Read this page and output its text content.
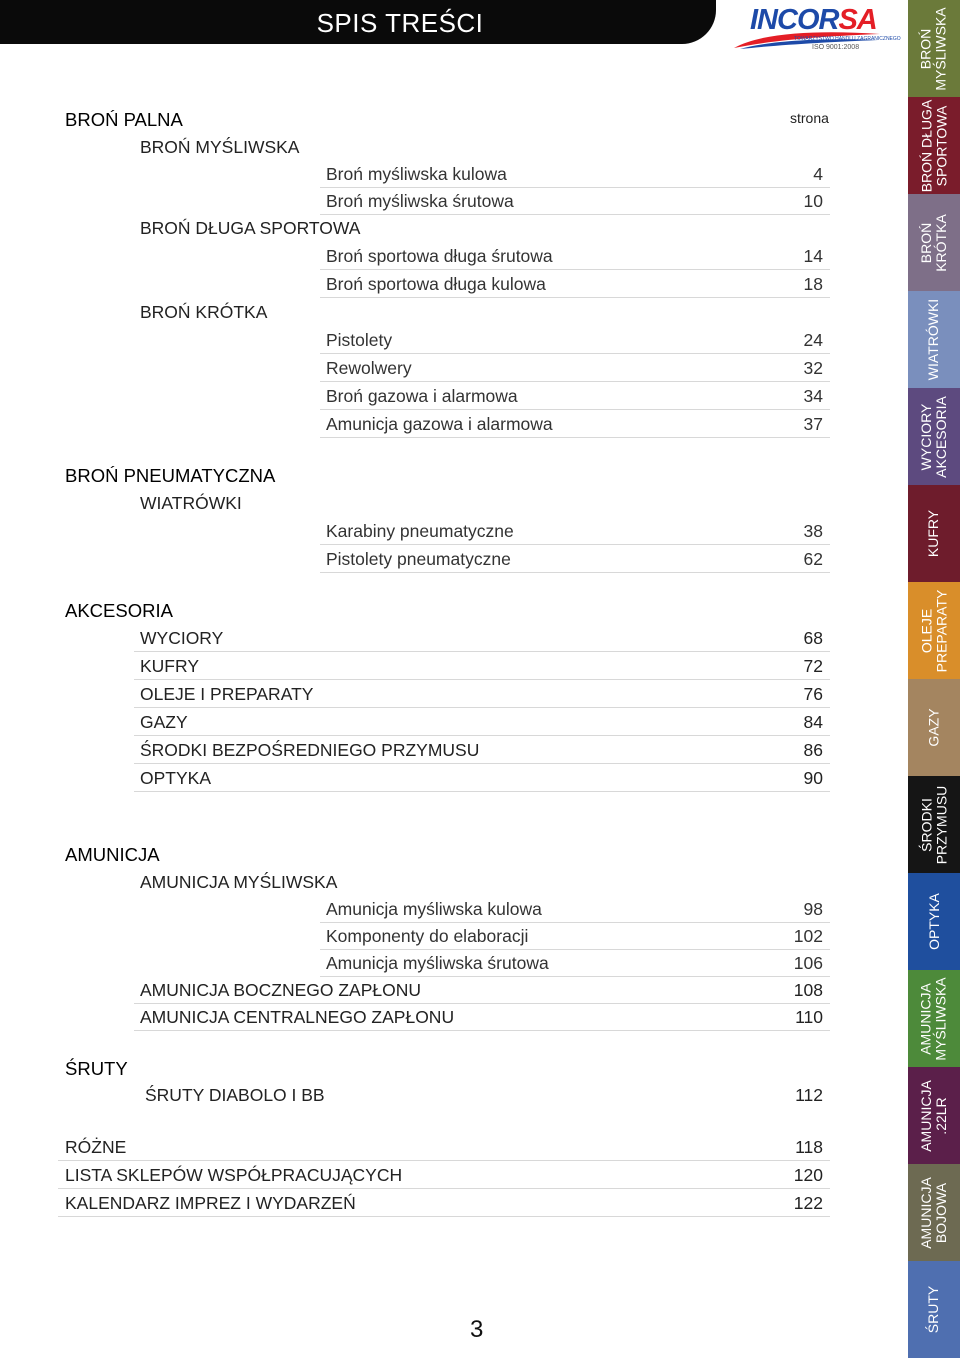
SPIS TREŚCI	INCORSA
TOWARZYSTWO HANDLU ZAGRANICZNEGO
ISO 9001:2008
strona
BROŃ PALNA
BROŃ PNEUMATYCZNA
AKCESORIA
AMUNICJA
ŚRUTY
BROŃ MYŚLIWSKA
Broń myśliwska kulowa	4
Broń myśliwska śrutowa	10
BROŃ DŁUGA SPORTOWA
Broń sportowa długa śrutowa	14
Broń sportowa długa kulowa	18
BROŃ KRÓTKA
Pistolety	24
Rewolwery	32
Broń gazowa i alarmowa	34
Amunicja gazowa i alarmowa	37
WIATRÓWKI
Karabiny pneumatyczne	38
Pistolety pneumatyczne	62
WYCIORY	68
KUFRY	72
OLEJE I PREPARATY	76
GAZY	84
ŚRODKI BEZPOŚREDNIEGO PRZYMUSU	86
OPTYKA	90
AMUNICJA MYŚLIWSKA
Amunicja myśliwska kulowa	98
Komponenty do elaboracji	102
Amunicja myśliwska śrutowa	106
AMUNICJA BOCZNEGO ZAPŁONU	108
AMUNICJA CENTRALNEGO ZAPŁONU	110
ŚRUTY DIABOLO I BB	112
RÓŻNE	118
LISTA SKLEPÓW WSPÓŁPRACUJĄCYCH	120
KALENDARZ IMPREZ I WYDARZEŃ	122
3
BROŃ MYŚLIWSKA
BROŃ DŁUGA SPORTOWA
BROŃ KRÓTKA
WIATRÓWKI
WYCIORY AKCESORIA
KUFRY
OLEJE PREPARATY
GAZY
ŚRODKI PRZYMUSU
OPTYKA
AMUNICJA MYŚLIWSKA
AMUNICJA .22LR
AMUNICJA BOJOWA
ŚRUTY
